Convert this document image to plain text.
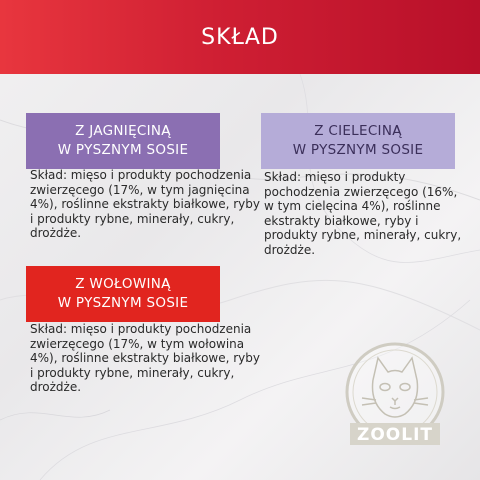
SKŁAD
Z JAGNIĘCINĄ
W PYSZNYM SOSIE

Skład: mięso i produkty pochodzenia zwierzęcego (17%, w tym jagnięcina 4%), roślinne ekstrakty białkowe, ryby i produkty rybne, minerały, cukry, drożdże.

Z CIELECINĄ
W PYSZNYM SOSIE

Skład: mięso i produkty pochodzenia zwierzęcego (16%, w tym cielęcina 4%), roślinne ekstrakty białkowe, ryby i produkty rybne, minerały, cukry, drożdże.

Z WOŁOWINĄ
W PYSZNYM SOSIE

Skład: mięso i produkty pochodzenia zwierzęcego (17%, w tym wołowina 4%), roślinne ekstrakty białkowe, ryby i produkty rybne, minerały, cukry, drożdże.

ZOOLIT
